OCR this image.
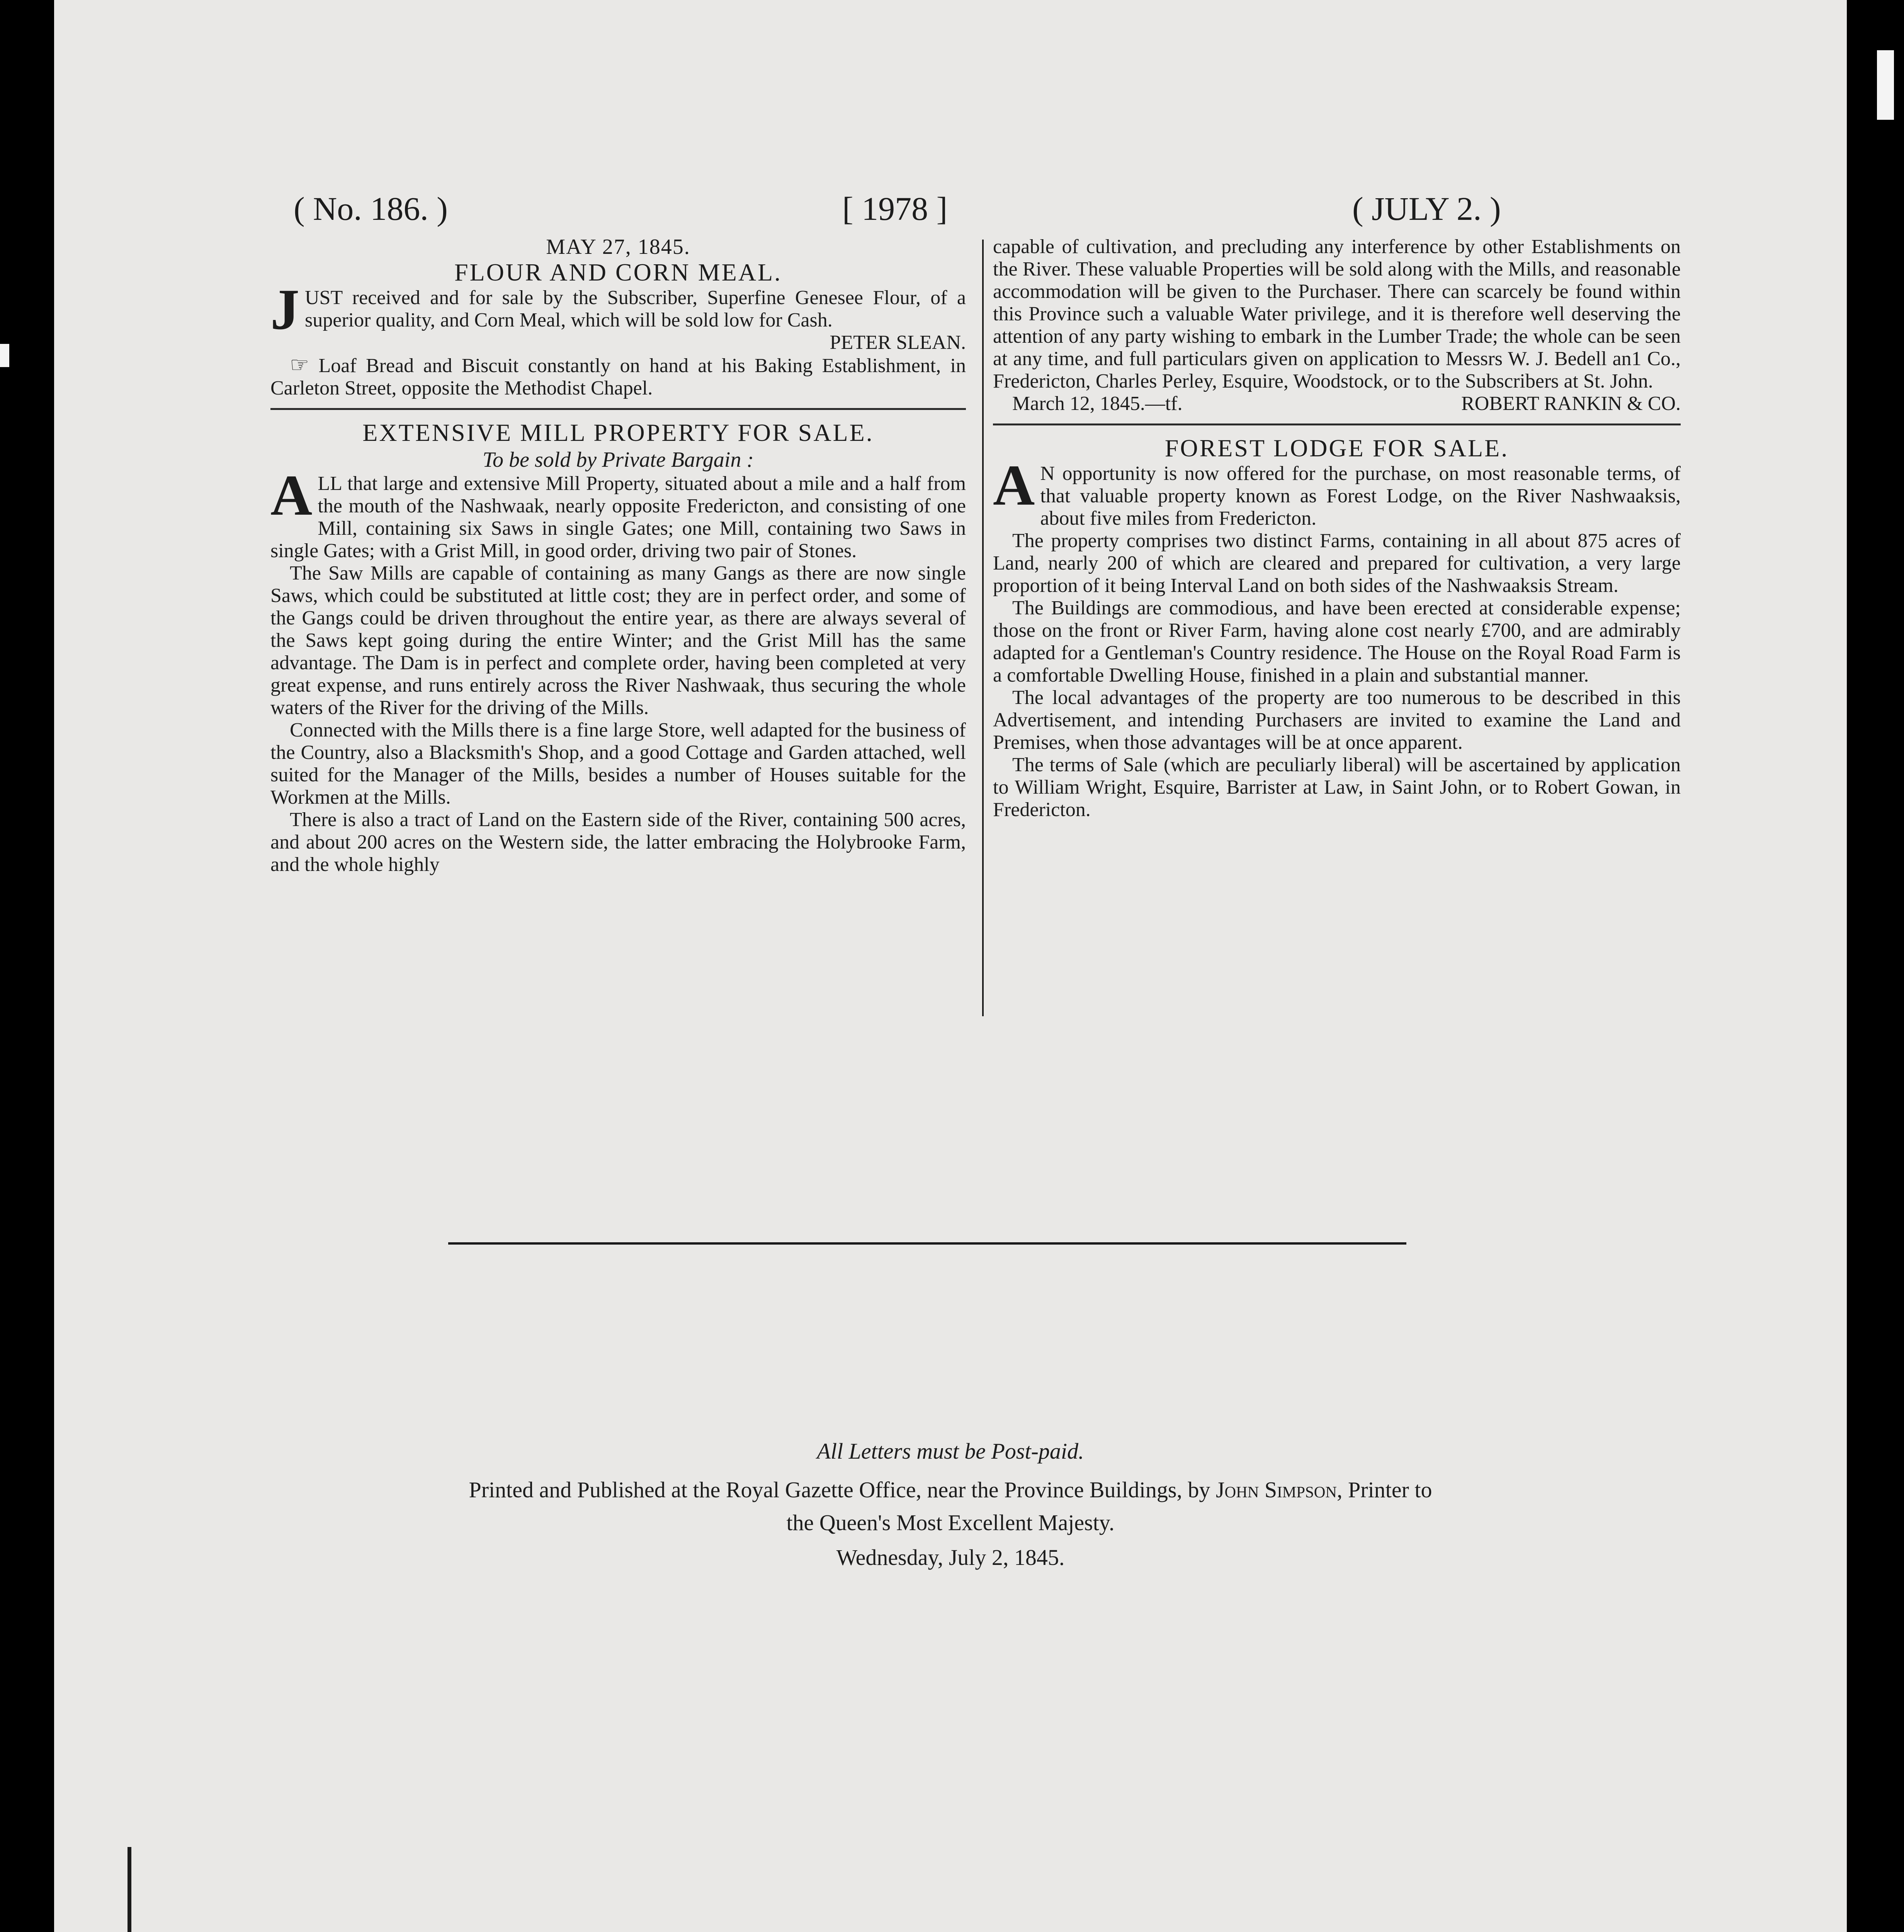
( No. 186. )	[ 1978 ]	( JULY 2. )
MAY 27, 1845.
FLOUR AND CORN MEAL.

JUST received and for sale by the Subscriber, Superfine Genesee Flour, of a superior quality, and Corn Meal, which will be sold low for Cash.

PETER SLEAN.

☞ Loaf Bread and Biscuit constantly on hand at his Baking Establishment, in Carleton Street, opposite the Methodist Chapel.

EXTENSIVE MILL PROPERTY FOR SALE.
To be sold by Private Bargain :

ALL that large and extensive Mill Property, situated about a mile and a half from the mouth of the Nashwaak, nearly opposite Fredericton, and consisting of one Mill, containing six Saws in single Gates; one Mill, containing two Saws in single Gates; with a Grist Mill, in good order, driving two pair of Stones.

The Saw Mills are capable of containing as many Gangs as there are now single Saws, which could be substituted at little cost; they are in perfect order, and some of the Gangs could be driven throughout the entire year, as there are always several of the Saws kept going during the entire Winter; and the Grist Mill has the same advantage. The Dam is in perfect and complete order, having been completed at very great expense, and runs entirely across the River Nashwaak, thus securing the whole waters of the River for the driving of the Mills.

Connected with the Mills there is a fine large Store, well adapted for the business of the Country, also a Blacksmith's Shop, and a good Cottage and Garden attached, well suited for the Manager of the Mills, besides a number of Houses suitable for the Workmen at the Mills.

There is also a tract of Land on the Eastern side of the River, containing 500 acres, and about 200 acres on the Western side, the latter embracing the Holybrooke Farm, and the whole highly

capable of cultivation, and precluding any interference by other Establishments on the River. These valuable Properties will be sold along with the Mills, and reasonable accommodation will be given to the Purchaser. There can scarcely be found within this Province such a valuable Water privilege, and it is therefore well deserving the attention of any party wishing to embark in the Lumber Trade; the whole can be seen at any time, and full particulars given on application to Messrs W. J. Bedell an1 Co., Fredericton, Charles Perley, Esquire, Woodstock, or to the Subscribers at St. John.

March 12, 1845.—tf.	ROBERT RANKIN & CO.

FOREST LODGE FOR SALE.

A N opportunity is now offered for the purchase, on most reasonable terms, of that valuable property known as Forest Lodge, on the River Nashwaaksis, about five miles from Fredericton.

The property comprises two distinct Farms, containing in all about 875 acres of Land, nearly 200 of which are cleared and prepared for cultivation, a very large proportion of it being Interval Land on both sides of the Nashwaaksis Stream.

The Buildings are commodious, and have been erected at considerable expense; those on the front or River Farm, having alone cost nearly £700, and are admirably adapted for a Gentleman's Country residence. The House on the Royal Road Farm is a comfortable Dwelling House, finished in a plain and substantial manner.

The local advantages of the property are too numerous to be described in this Advertisement, and intending Purchasers are invited to examine the Land and Premises, when those advantages will be at once apparent.

The terms of Sale (which are peculiarly liberal) will be ascertained by application to William Wright, Esquire, Barrister at Law, in Saint John, or to Robert Gowan, in Fredericton.

All Letters must be Post-paid.
Printed and Published at the Royal Gazette Office, near the Province Buildings, by John Simpson, Printer to
the Queen's Most Excellent Majesty.
Wednesday, July 2, 1845.
